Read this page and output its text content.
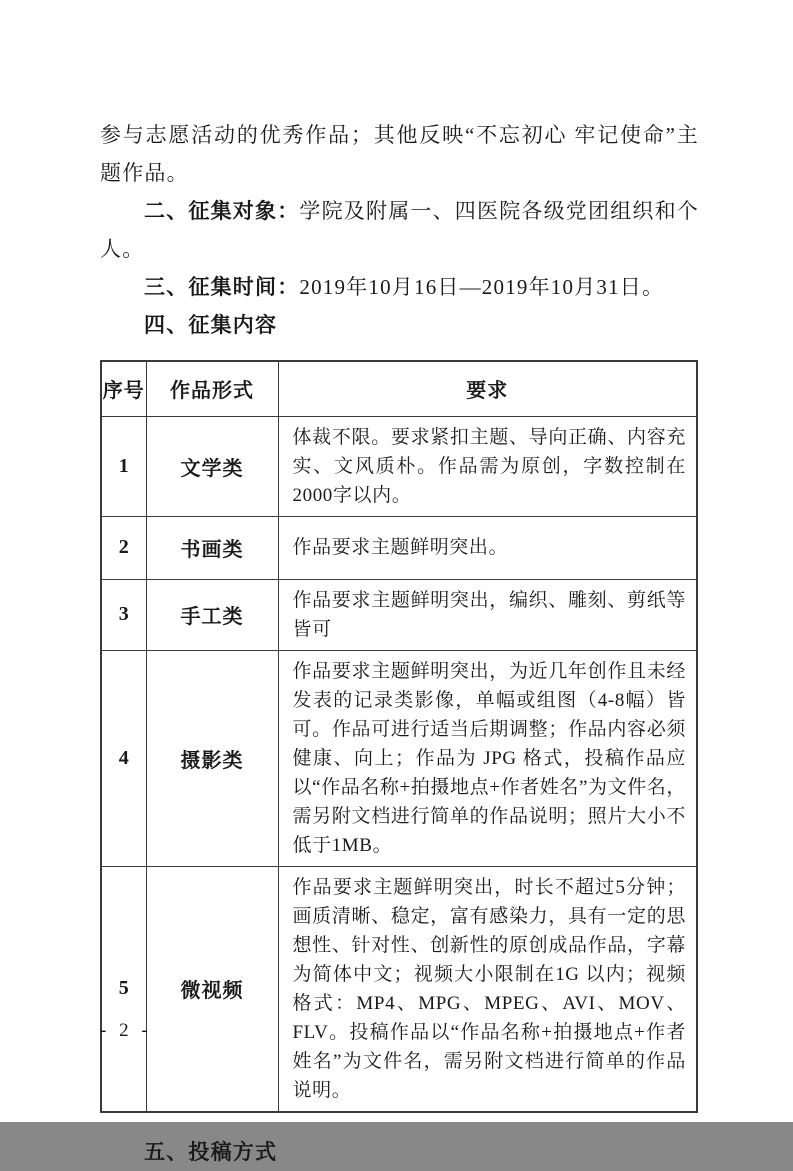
参与志愿活动的优秀作品；其他反映“不忘初心 牢记使命”主题作品。

二、征集对象：学院及附属一、四医院各级党团组织和个人。

三、征集时间：2019年10月16日—2019年10月31日。

四、征集内容

序号	作品形式	要求
1	文学类	体裁不限。要求紧扣主题、导向正确、内容充实、文风质朴。作品需为原创，字数控制在2000字以内。
2	书画类	作品要求主题鲜明突出。
3	手工类	作品要求主题鲜明突出，编织、雕刻、剪纸等皆可
4	摄影类	作品要求主题鲜明突出，为近几年创作且未经发表的记录类影像，单幅或组图（4-8幅）皆可。作品可进行适当后期调整；作品内容必须健康、向上；作品为 JPG 格式，投稿作品应以“作品名称+拍摄地点+作者姓名”为文件名，需另附文档进行简单的作品说明；照片大小不低于1MB。
5	微视频	作品要求主题鲜明突出，时长不超过5分钟；画质清晰、稳定，富有感染力，具有一定的思想性、针对性、创新性的原创成品作品，字幕为简体中文；视频大小限制在1G 以内；视频格式：MP4、MPG、MPEG、AVI、MOV、FLV。投稿作品以“作品名称+拍摄地点+作者姓名”为文件名，需另附文档进行简单的作品说明。

五、投稿方式

- 2 -
